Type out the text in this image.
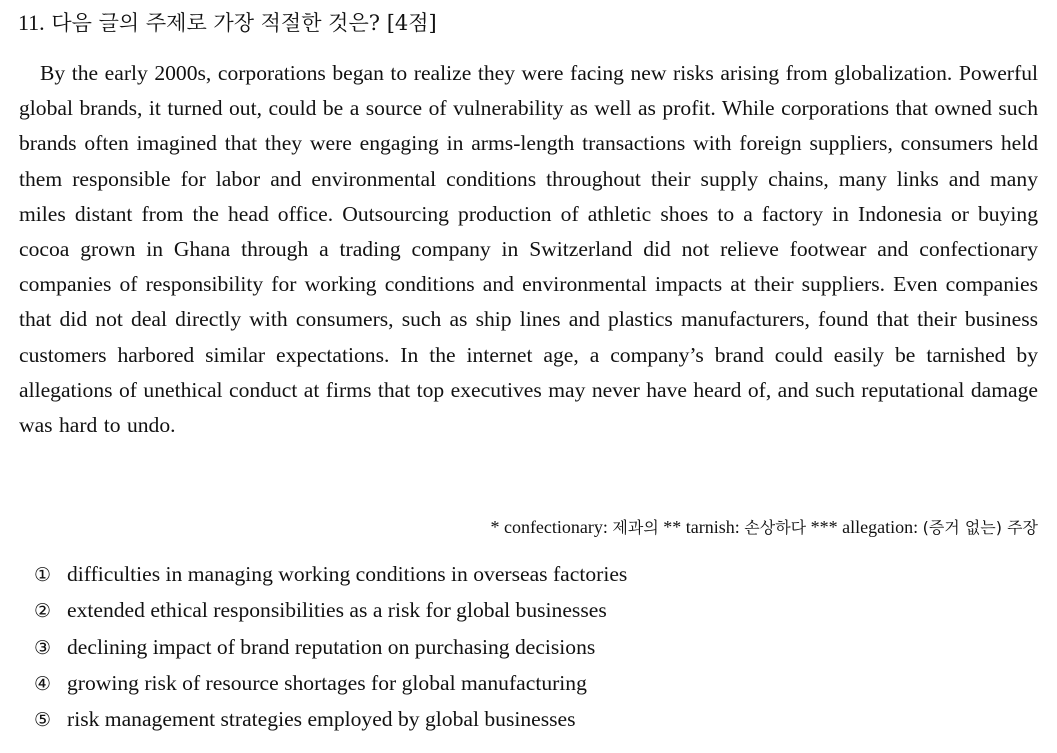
11. 다음 글의 주제로 가장 적절한 것은? [4점]
By the early 2000s, corporations began to realize they were facing new risks arising from globalization. Powerful global brands, it turned out, could be a source of vulnerability as well as profit. While corporations that owned such brands often imagined that they were engaging in arms-length transactions with foreign suppliers, consumers held them responsible for labor and environmental conditions throughout their supply chains, many links and many miles distant from the head office. Outsourcing production of athletic shoes to a factory in Indonesia or buying cocoa grown in Ghana through a trading company in Switzerland did not relieve footwear and confectionary companies of responsibility for working conditions and environmental impacts at their suppliers. Even companies that did not deal directly with consumers, such as ship lines and plastics manufacturers, found that their business customers harbored similar expectations. In the internet age, a company’s brand could easily be tarnished by allegations of unethical conduct at firms that top executives may never have heard of, and such reputational damage was hard to undo.
* confectionary: 제과의 ** tarnish: 손상하다 *** allegation: (증거 없는) 주장
① difficulties in managing working conditions in overseas factories
② extended ethical responsibilities as a risk for global businesses
③ declining impact of brand reputation on purchasing decisions
④ growing risk of resource shortages for global manufacturing
⑤ risk management strategies employed by global businesses
